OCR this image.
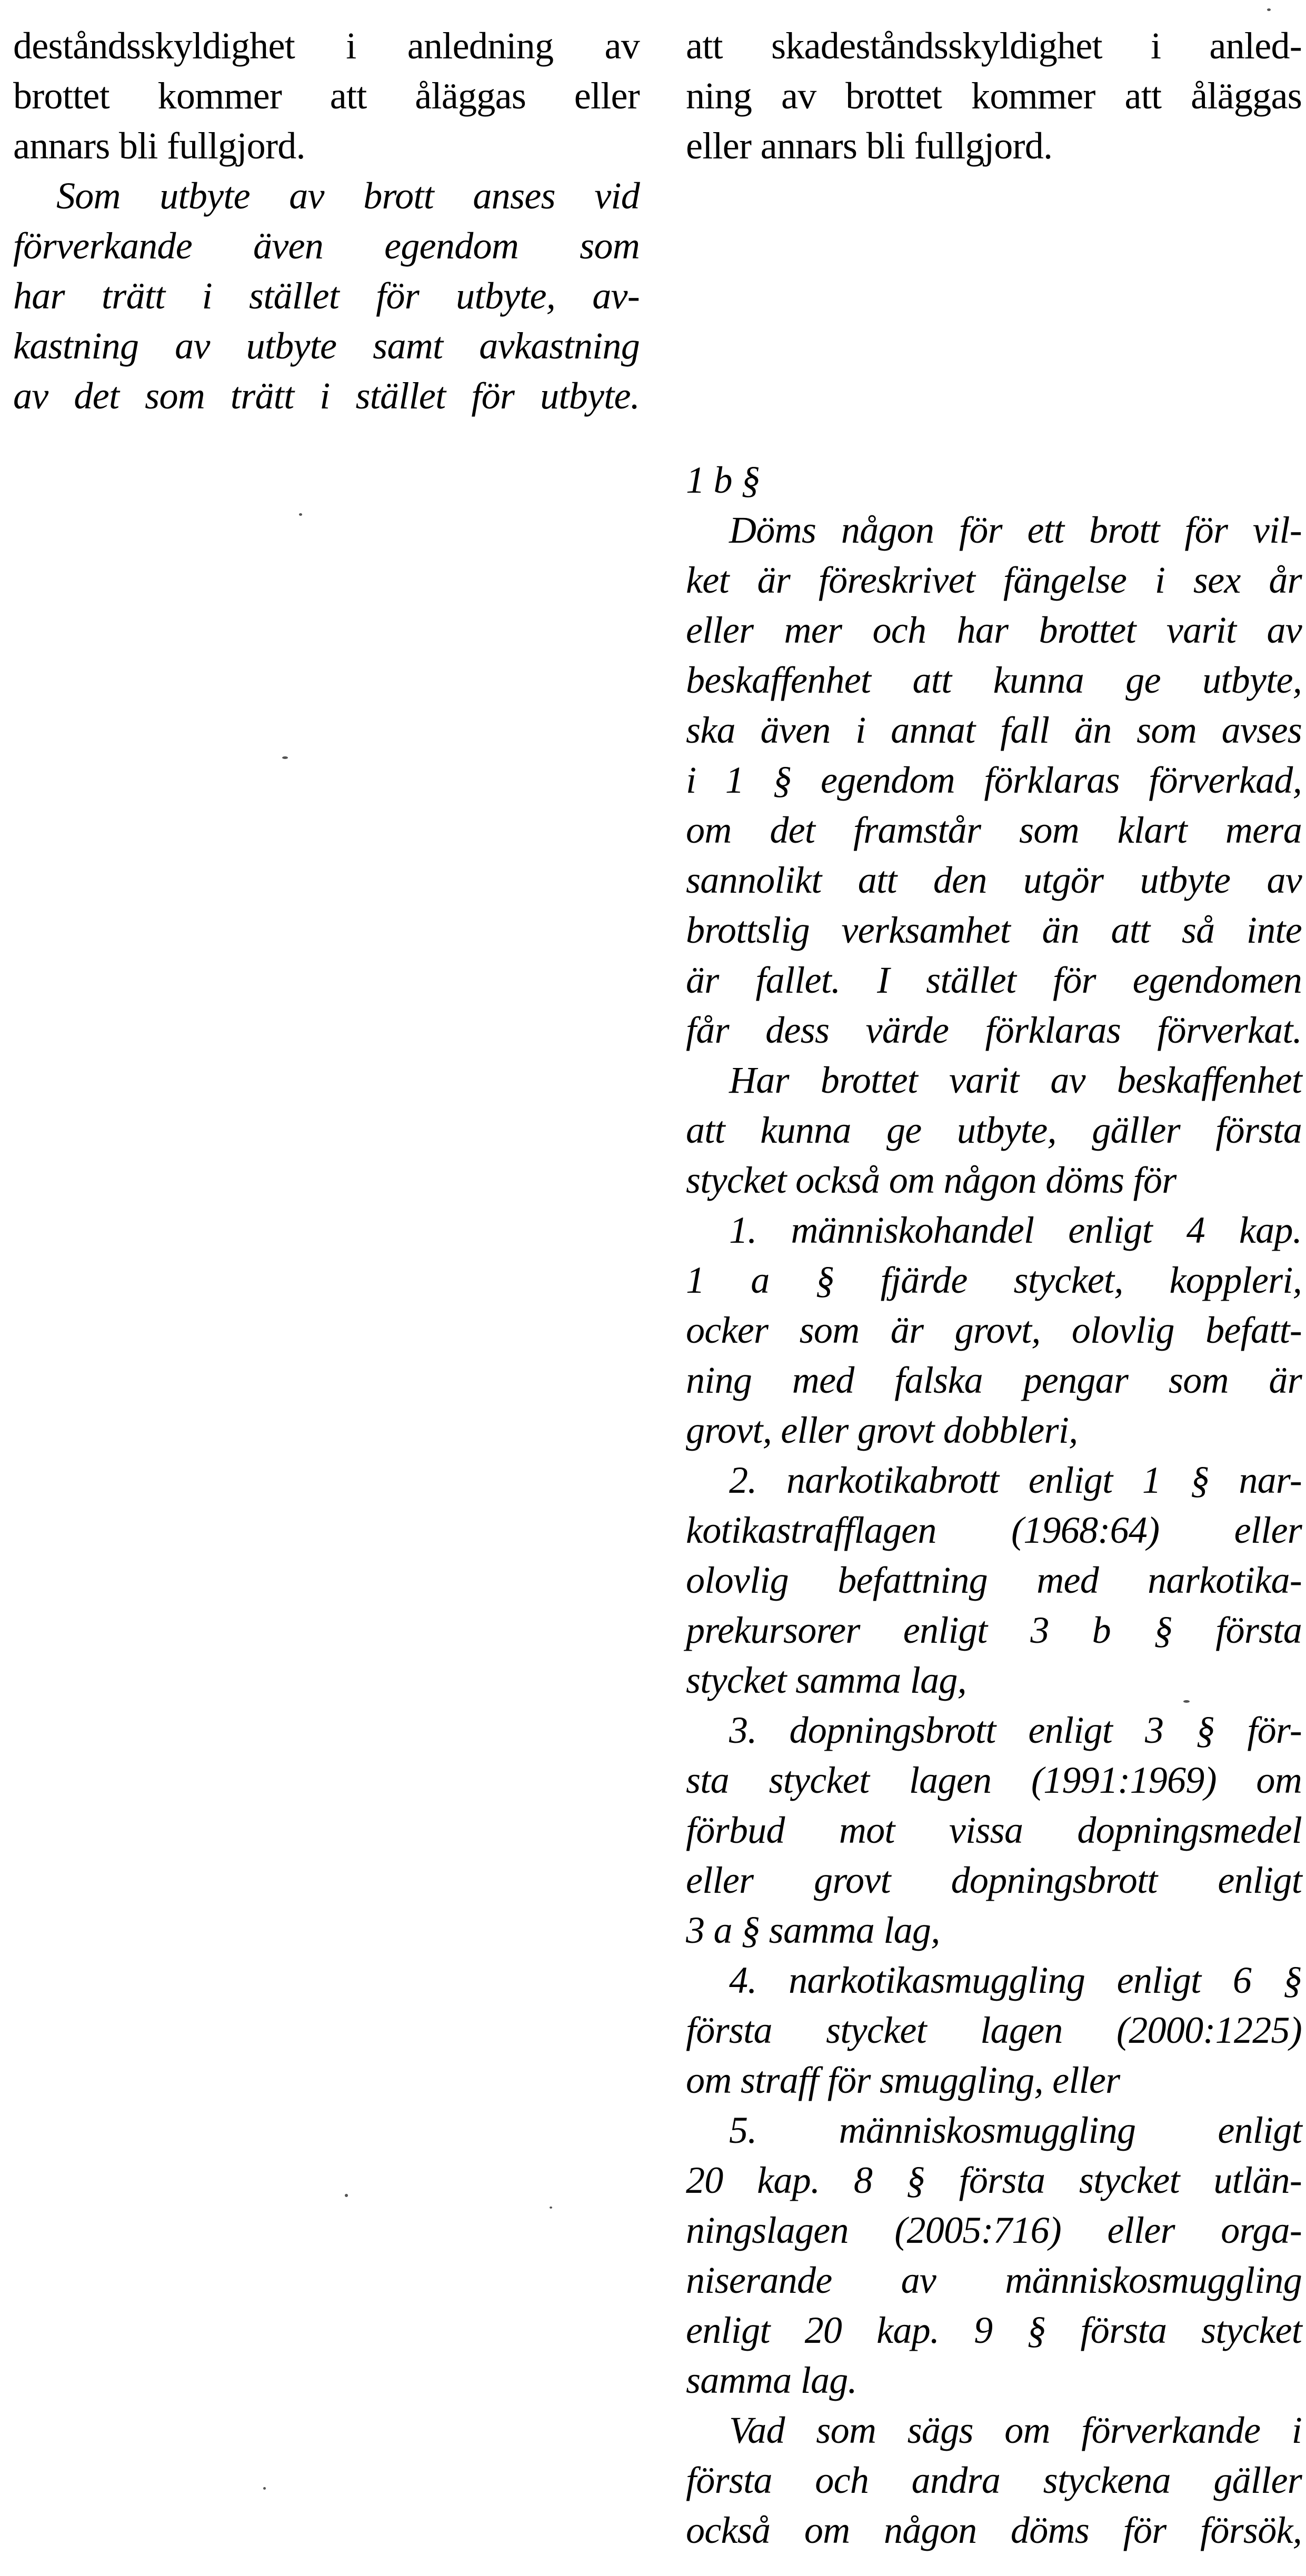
deståndsskyldighet i anledning av
brottet kommer att åläggas eller
annars bli fullgjord.
Som utbyte av brott anses vid
förverkande även egendom som
har trätt i stället för utbyte, av-
kastning av utbyte samt avkastning
av det som trätt i stället för utbyte.
att skadeståndsskyldighet i anled-
ning av brottet kommer att åläggas
eller annars bli fullgjord.
1 b §
Döms någon för ett brott för vil-
ket är föreskrivet fängelse i sex år
eller mer och har brottet varit av
beskaffenhet att kunna ge utbyte,
ska även i annat fall än som avses
i 1 § egendom förklaras förverkad,
om det framstår som klart mera
sannolikt att den utgör utbyte av
brottslig verksamhet än att så inte
är fallet. I stället för egendomen
får dess värde förklaras förverkat.
Har brottet varit av beskaffenhet
att kunna ge utbyte, gäller första
stycket också om någon döms för
1. människohandel enligt 4 kap.
1 a § fjärde stycket, koppleri,
ocker som är grovt, olovlig befatt-
ning med falska pengar som är
grovt, eller grovt dobbleri,
2. narkotikabrott enligt 1 § nar-
kotikastrafflagen (1968:64) eller
olovlig befattning med narkotika-
prekursorer enligt 3 b § första
stycket samma lag,
3. dopningsbrott enligt 3 § för-
sta stycket lagen (1991:1969) om
förbud mot vissa dopningsmedel
eller grovt dopningsbrott enligt
3 a § samma lag,
4. narkotikasmuggling enligt 6 §
första stycket lagen (2000:1225)
om straff för smuggling, eller
5. människosmuggling enligt
20 kap. 8 § första stycket utlän-
ningslagen (2005:716) eller orga-
niserande av människosmuggling
enligt 20 kap. 9 § första stycket
samma lag.
Vad som sägs om förverkande i
första och andra styckena gäller
också om någon döms för försök,
